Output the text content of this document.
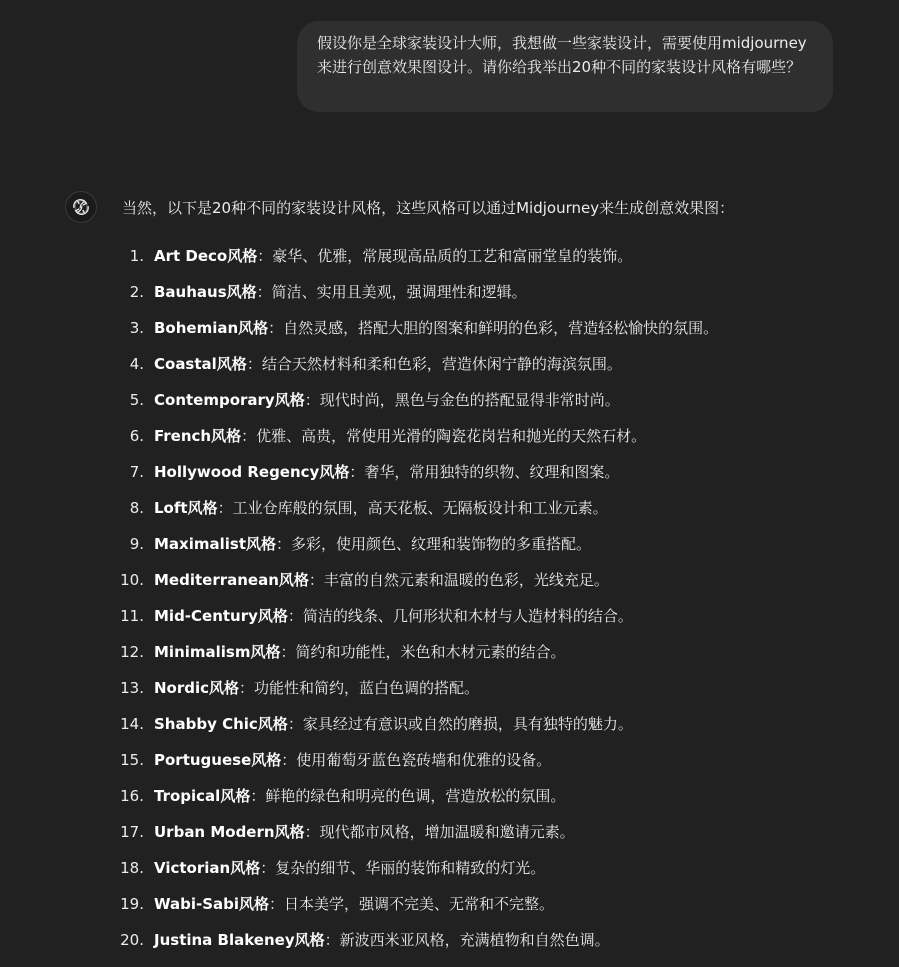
假设你是全球家装设计大师，我想做一些家装设计，需要使用midjourney来进行创意效果图设计。请你给我举出20种不同的家装设计风格有哪些？
当然，以下是20种不同的家装设计风格，这些风格可以通过Midjourney来生成创意效果图：
1. Art Deco风格：豪华、优雅，常展现高品质的工艺和富丽堂皇的装饰。
2. Bauhaus风格：简洁、实用且美观，强调理性和逻辑。
3. Bohemian风格：自然灵感，搭配大胆的图案和鲜明的色彩，营造轻松愉快的氛围。
4. Coastal风格：结合天然材料和柔和色彩，营造休闲宁静的海滨氛围。
5. Contemporary风格：现代时尚，黑色与金色的搭配显得非常时尚。
6. French风格：优雅、高贵，常使用光滑的陶瓷花岗岩和抛光的天然石材。
7. Hollywood Regency风格：奢华，常用独特的织物、纹理和图案。
8. Loft风格：工业仓库般的氛围，高天花板、无隔板设计和工业元素。
9. Maximalist风格：多彩，使用颜色、纹理和装饰物的多重搭配。
10. Mediterranean风格：丰富的自然元素和温暖的色彩，光线充足。
11. Mid-Century风格：简洁的线条、几何形状和木材与人造材料的结合。
12. Minimalism风格：简约和功能性，米色和木材元素的结合。
13. Nordic风格：功能性和简约，蓝白色调的搭配。
14. Shabby Chic风格：家具经过有意识或自然的磨损，具有独特的魅力。
15. Portuguese风格：使用葡萄牙蓝色瓷砖墙和优雅的设备。
16. Tropical风格：鲜艳的绿色和明亮的色调，营造放松的氛围。
17. Urban Modern风格：现代都市风格，增加温暖和邀请元素。
18. Victorian风格：复杂的细节、华丽的装饰和精致的灯光。
19. Wabi-Sabi风格：日本美学，强调不完美、无常和不完整。
20. Justina Blakeney风格：新波西米亚风格，充满植物和自然色调。
